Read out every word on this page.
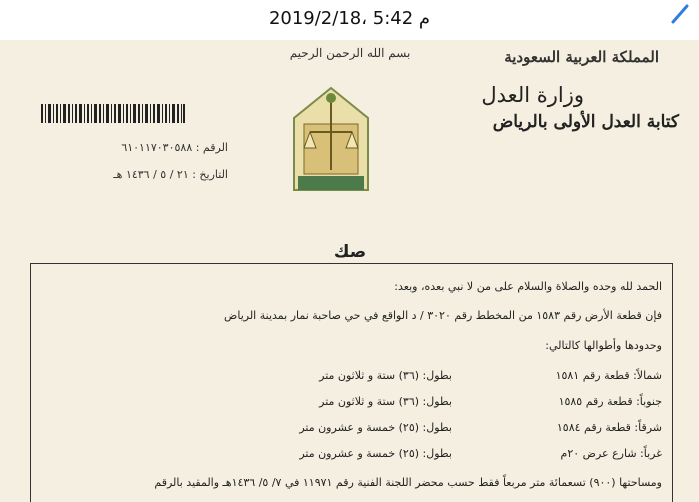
2019/2/18، 5:42 م
المملكة العربية السعودية
وزارة العدل
كتابة العدل الأولى بالرياض
بسم الله الرحمن الرحيم
الرقم : ٦١٠١١٧٠٣٠٥٨٨
التاريخ : ٢١ / ٥ / ١٤٣٦ هـ
صك
الحمد لله وحده والصلاة والسلام على من لا نبي بعده، وبعد:
فإن قطعة الأرض رقم ١٥٨٣ من المخطط رقم ٣٠٢٠ / د الواقع في حي صاحبة نمار بمدينة الرياض
وحدودها وأطوالها كالتالي:
شمالاً: قطعة رقم ١٥٨١
بطول: (٣٦) ستة و ثلاثون متر
جنوباً: قطعة رقم ١٥٨٥
بطول: (٣٦) ستة و ثلاثون متر
شرقاً: قطعة رقم ١٥٨٤
بطول: (٢٥) خمسة و عشرون متر
غرباً: شارع عرض ٢٠م
بطول: (٢٥) خمسة و عشرون متر
ومساحتها (٩٠٠) تسعمائة متر مربعاً فقط حسب محضر اللجنة الفنية رقم ١١٩٧١ في ٧/ ٥/ ١٤٣٦هـ والمقيد بالرقم
